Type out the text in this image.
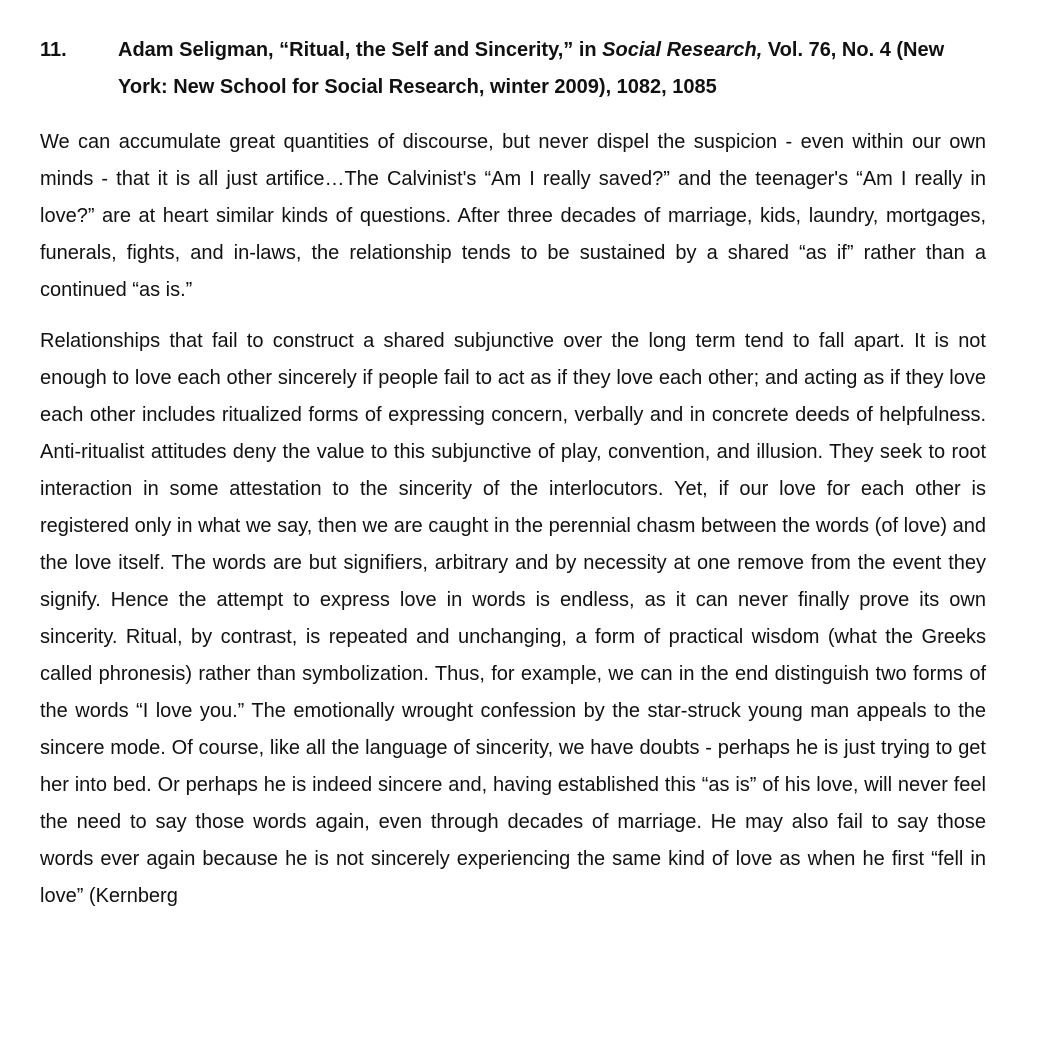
11.	Adam Seligman, “Ritual, the Self and Sincerity,” in Social Research, Vol. 76, No. 4 (New York: New School for Social Research, winter 2009), 1082, 1085

We can accumulate great quantities of discourse, but never dispel the suspicion - even within our own minds - that it is all just artifice…The Calvinist's “Am I really saved?” and the teenager's “Am I really in love?” are at heart similar kinds of questions. After three decades of marriage, kids, laundry, mortgages, funerals, fights, and in-laws, the relationship tends to be sustained by a shared “as if” rather than a continued “as is.”

Relationships that fail to construct a shared subjunctive over the long term tend to fall apart. It is not enough to love each other sincerely if people fail to act as if they love each other; and acting as if they love each other includes ritualized forms of expressing concern, verbally and in concrete deeds of helpfulness. Anti-ritualist attitudes deny the value to this subjunctive of play, convention, and illusion. They seek to root interaction in some attestation to the sincerity of the interlocutors. Yet, if our love for each other is registered only in what we say, then we are caught in the perennial chasm between the words (of love) and the love itself. The words are but signifiers, arbitrary and by necessity at one remove from the event they signify. Hence the attempt to express love in words is endless, as it can never finally prove its own sincerity. Ritual, by contrast, is repeated and unchanging, a form of practical wisdom (what the Greeks called phronesis) rather than symbolization. Thus, for example, we can in the end distinguish two forms of the words “I love you.” The emotionally wrought confession by the star-struck young man appeals to the sincere mode. Of course, like all the language of sincerity, we have doubts - perhaps he is just trying to get her into bed. Or perhaps he is indeed sincere and, having established this “as is” of his love, will never feel the need to say those words again, even through decades of marriage. He may also fail to say those words ever again because he is not sincerely experiencing the same kind of love as when he first “fell in love” (Kernberg
